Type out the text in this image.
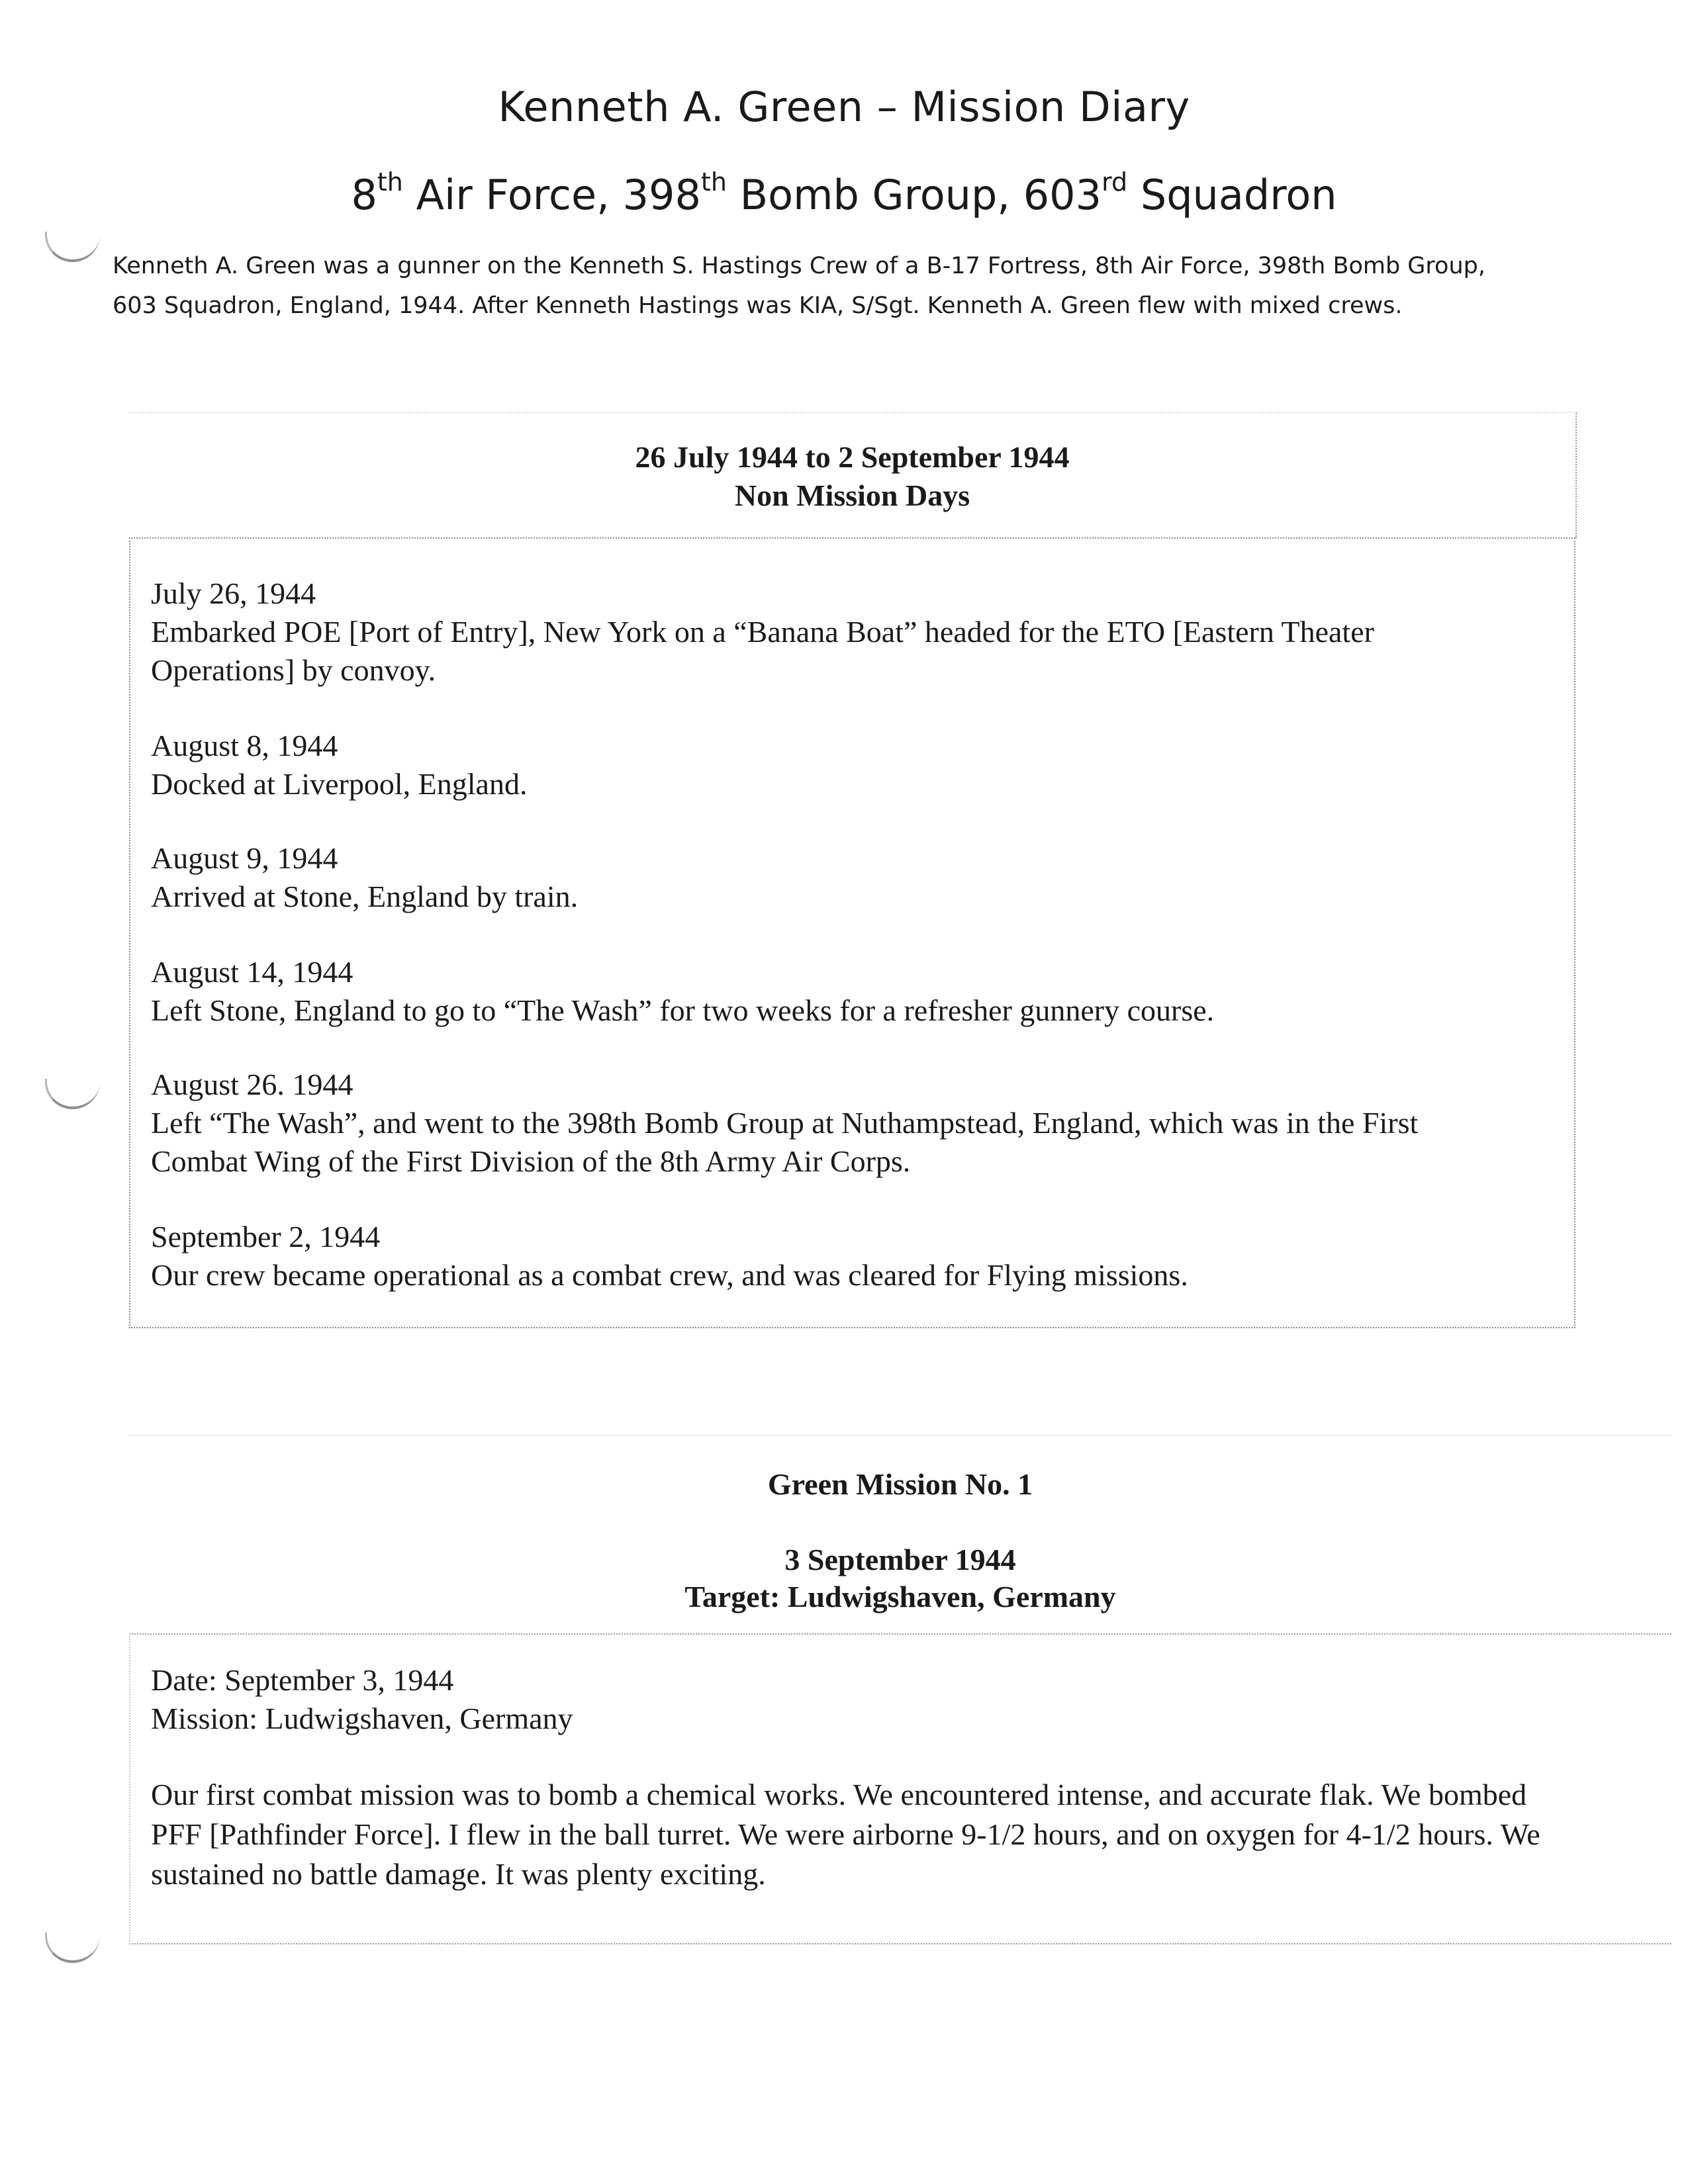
Kenneth A. Green – Mission Diary
8th Air Force, 398th Bomb Group, 603rd Squadron

Kenneth A. Green was a gunner on the Kenneth S. Hastings Crew of a B-17 Fortress, 8th Air Force, 398th Bomb Group,
603 Squadron, England, 1944. After Kenneth Hastings was KIA, S/Sgt. Kenneth A. Green flew with mixed crews.

26 July 1944 to 2 September 1944
Non Mission Days
July 26, 1944
Embarked POE [Port of Entry], New York on a “Banana Boat” headed for the ETO [Eastern Theater
Operations] by convoy.
August 8, 1944
Docked at Liverpool, England.
August 9, 1944
Arrived at Stone, England by train.
August 14, 1944
Left Stone, England to go to “The Wash” for two weeks for a refresher gunnery course.
August 26. 1944
Left “The Wash”, and went to the 398th Bomb Group at Nuthampstead, England, which was in the First
Combat Wing of the First Division of the 8th Army Air Corps.
September 2, 1944
Our crew became operational as a combat crew, and was cleared for Flying missions.
Green Mission No. 1
3 September 1944
Target: Ludwigshaven, Germany
Date: September 3, 1944
Mission: Ludwigshaven, Germany
Our first combat mission was to bomb a chemical works. We encountered intense, and accurate flak. We bombed
PFF [Pathfinder Force]. I flew in the ball turret. We were airborne 9-1/2 hours, and on oxygen for 4-1/2 hours. We
sustained no battle damage. It was plenty exciting.
